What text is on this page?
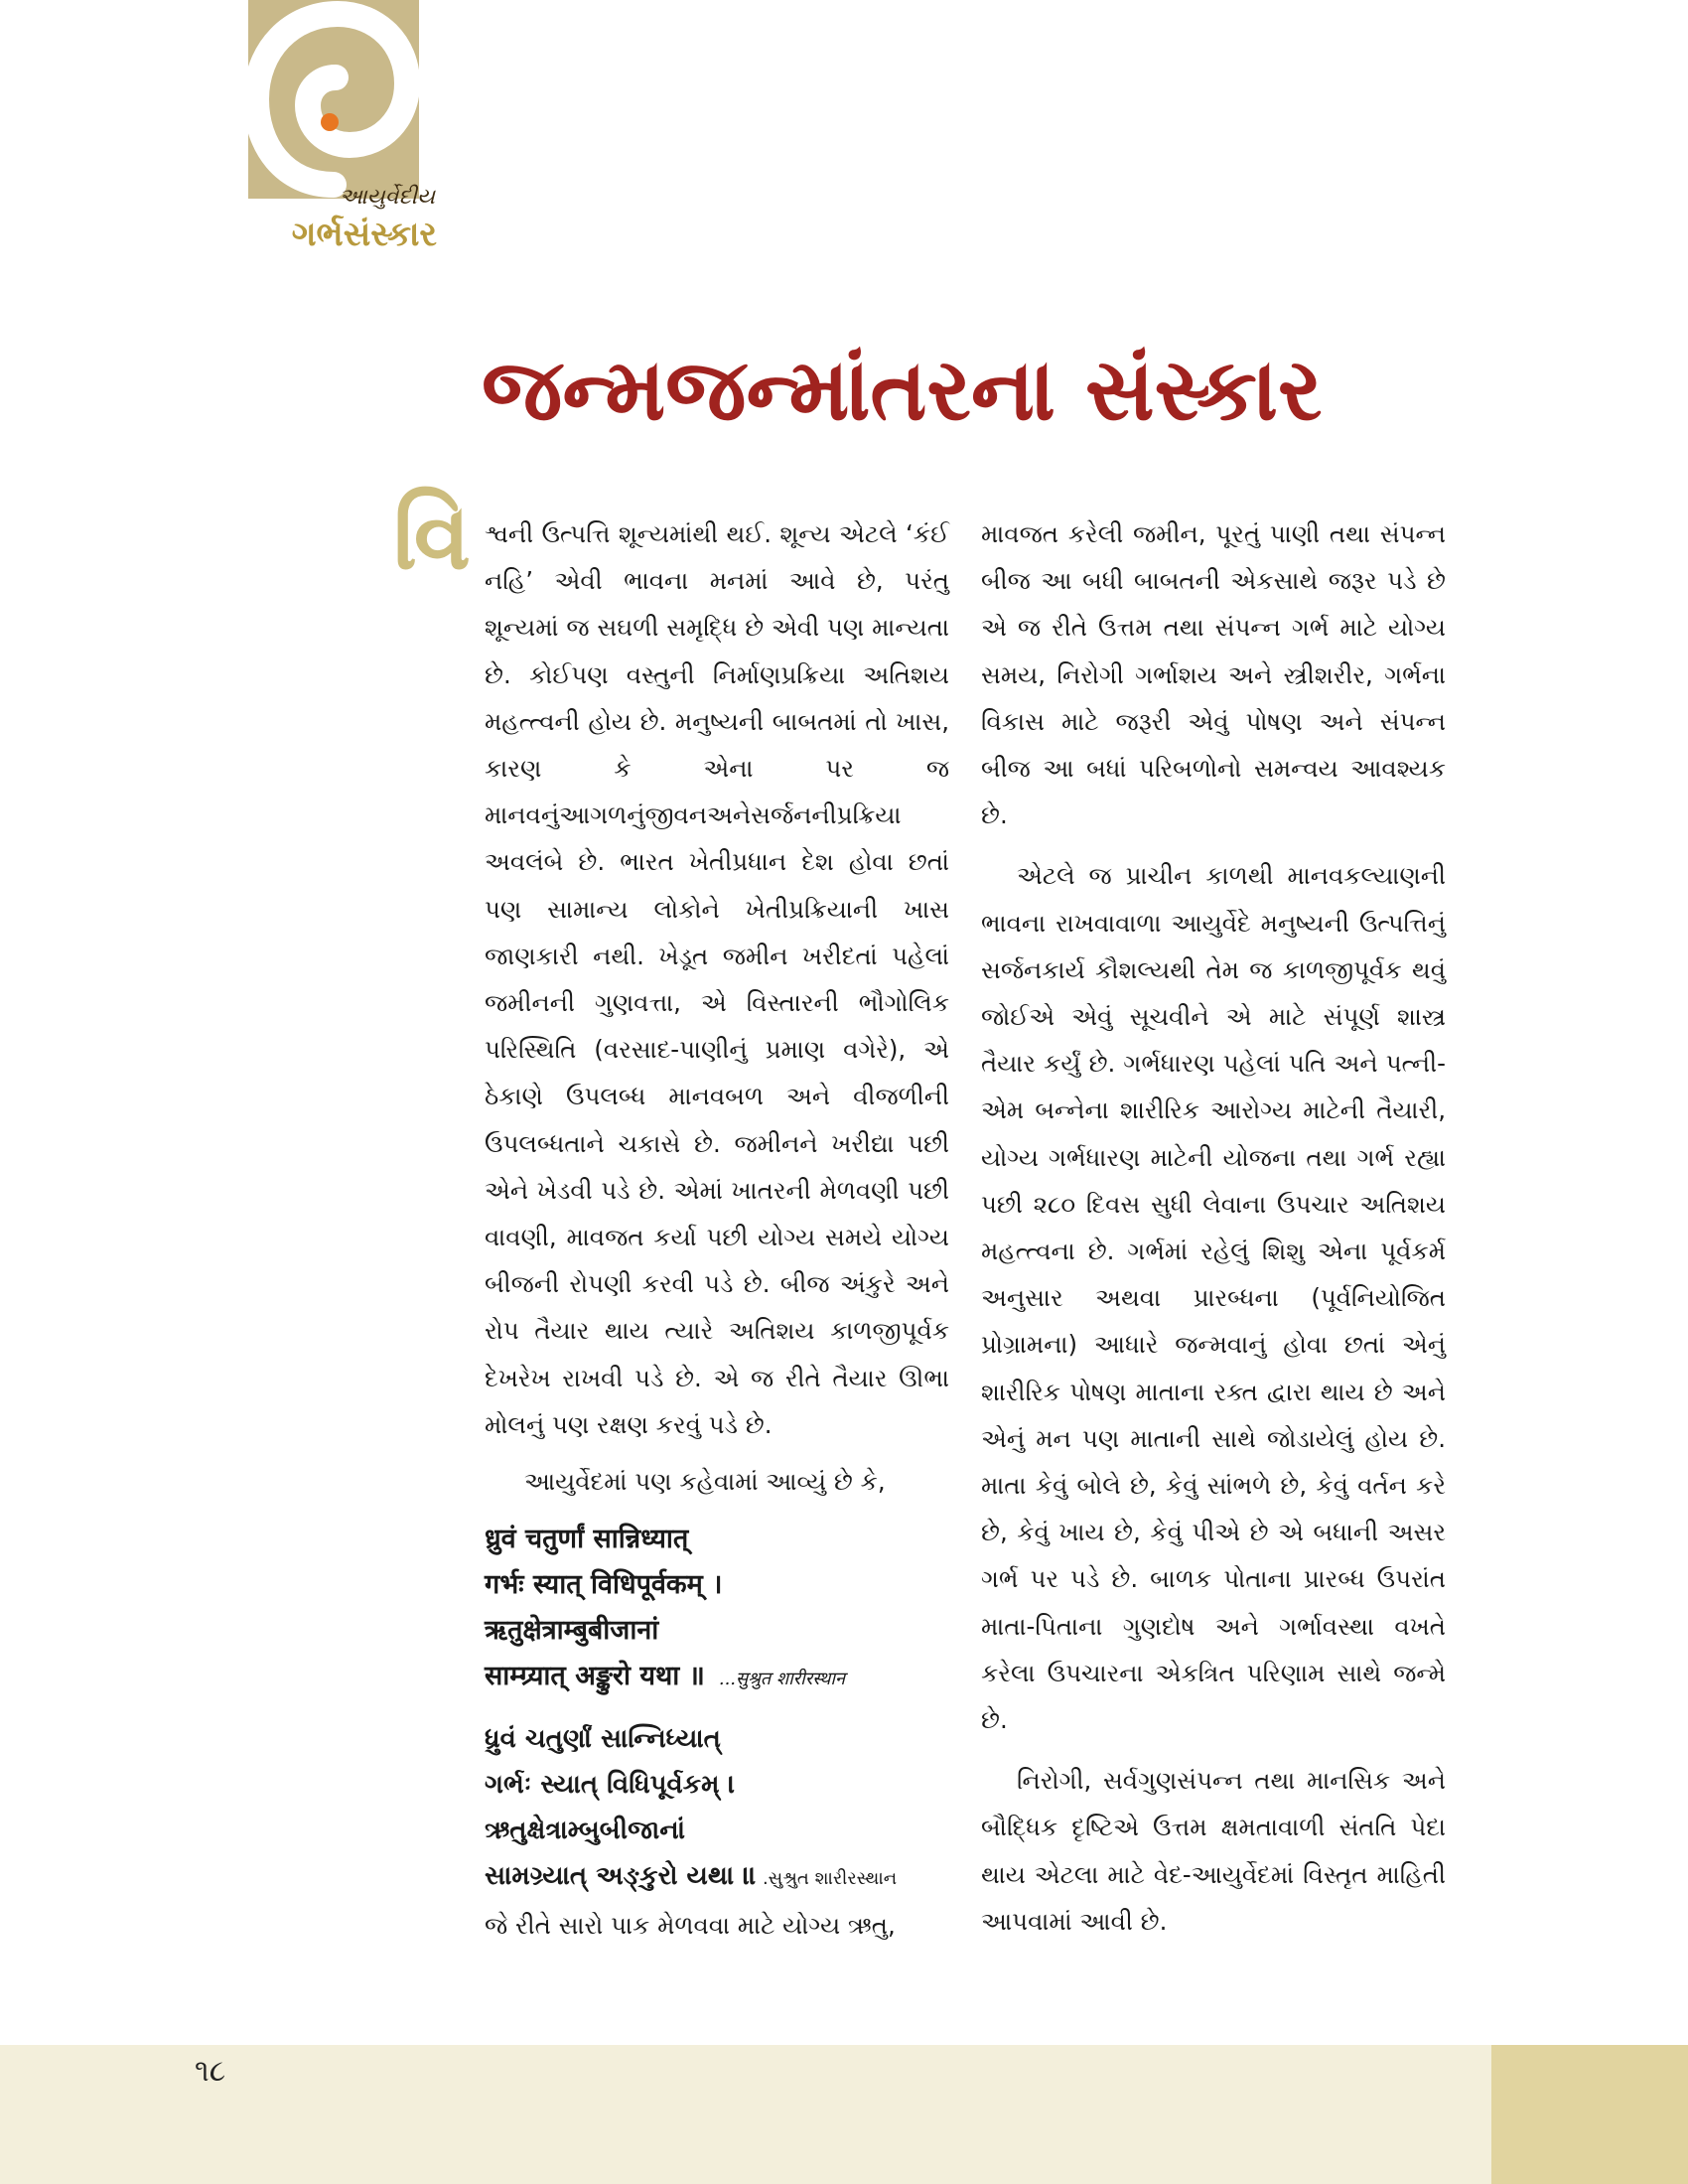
આયુર્વેદીય
ગર્ભસંસ્કાર
જન્મજન્માંતરના સંસ્કાર
વિ શ્વની ઉત્પત્તિ શૂન્યમાંથી થઈ. શૂન્ય એટલે ‘કંઈ નહિ’ એવી ભાવના મનમાં આવે છે, પરંતુ શૂન્યમાં જ સઘળી સમૃદ્ધિ છે એવી પણ માન્યતા છે. કોઈપણ વસ્તુની નિર્માણપ્રક્રિયા અતિશય મહત્ત્વની હોય છે. મનુષ્યની બાબતમાં તો ખાસ, કારણ કે એના પર જ માનવનુંઆગળનુંજીવનઅનેસર્જનનીપ્રક્રિયા અવલંબે છે. ભારત ખેતીપ્રધાન દેશ હોવા છતાં પણ સામાન્ય લોકોને ખેતીપ્રક્રિયાની ખાસ જાણકારી નથી. ખેડૂત જમીન ખરીદતાં પહેલાં જમીનની ગુણવત્તા, એ વિસ્તારની ભૌગોલિક પરિસ્થિતિ (વરસાદ-પાણીનું પ્રમાણ વગેરે), એ ઠેકાણે ઉપલબ્ધ માનવબળ અને વીજળીની ઉપલબ્ધતાને ચકાસે છે. જમીનને ખરીદ્યા પછી એને ખેડવી પડે છે. એમાં ખાતરની મેળવણી પછી વાવણી, માવજત કર્યા પછી યોગ્ય સમયે યોગ્ય બીજની રોપણી કરવી પડે છે. બીજ અંકુરે અને રોપ તૈયાર થાય ત્યારે અતિશય કાળજીપૂર્વક દેખરેખ રાખવી પડે છે. એ જ રીતે તૈયાર ઊભા મોલનું પણ રક્ષણ કરવું પડે છે.

આયુર્વેદમાં પણ કહેવામાં આવ્યું છે કે,

ध्रुवं चतुर्णां सान्निध्यात्
गर्भः स्यात् विधिपूर्वकम् ।
ऋतुक्षेत्राम्बुबीजानां
साम्ग्र्यात् अङ्कुरो यथा ॥ ...सुश्रुत शारीरस्थान
ધ્રુવં ચતુર્ણાં સાન્નિધ્યાત્
ગર્ભઃ સ્યાત્ વિધિપૂર્વકમ્ ।
ઋતુક્ષેત્રામ્બુબીજાનાં
સામગ્ર્યાત્ અઙ્કુરો યથા ॥ .સુશ્રુત શારીરસ્થાન

જે રીતે સારો પાક મેળવવા માટે યોગ્ય ઋતુ,

માવજત કરેલી જમીન, પૂરતું પાણી તથા સંપન્ન બીજ આ બધી બાબતની એકસાથે જરૂર પડે છે એ જ રીતે ઉત્તમ તથા સંપન્ન ગર્ભ માટે યોગ્ય સમય, નિરોગી ગર્ભાશય અને સ્ત્રીશરીર, ગર્ભના વિકાસ માટે જરૂરી એવું પોષણ અને સંપન્ન બીજ આ બધાં પરિબળોનો સમન્વય આવશ્યક છે.

એટલે જ પ્રાચીન કાળથી માનવકલ્યાણની ભાવના રાખવાવાળા આયુર્વેદે મનુષ્યની ઉત્પત્તિનું સર્જનકાર્ય કૌશલ્યથી તેમ જ કાળજીપૂર્વક થવું જોઈએ એવું સૂચવીને એ માટે સંપૂર્ણ શાસ્ત્ર તૈયાર કર્યું છે. ગર્ભધારણ પહેલાં પતિ અને પત્ની-એમ બન્નેના શારીરિક આરોગ્ય માટેની તૈયારી, યોગ્ય ગર્ભધારણ માટેની યોજના તથા ગર્ભ રહ્યા પછી ૨૮૦ દિવસ સુધી લેવાના ઉપચાર અતિશય મહત્ત્વના છે. ગર્ભમાં રહેલું શિશુ એના પૂર્વકર્મ અનુસાર અથવા પ્રારબ્ધના (પૂર્વનિયોજિત પ્રોગ્રામના) આધારે જન્મવાનું હોવા છતાં એનું શારીરિક પોષણ માતાના રક્ત દ્વારા થાય છે અને એનું મન પણ માતાની સાથે જોડાયેલું હોય છે. માતા કેવું બોલે છે, કેવું સાંભળે છે, કેવું વર્તન કરે છે, કેવું ખાય છે, કેવું પીએ છે એ બધાની અસર ગર્ભ પર પડે છે. બાળક પોતાના પ્રારબ્ધ ઉપરાંત માતા-પિતાના ગુણદોષ અને ગર્ભાવસ્થા વખતે કરેલા ઉપચારના એકત્રિત પરિણામ સાથે જન્મે છે.

નિરોગી, સર્વગુણસંપન્ન તથા માનસિક અને બૌદ્ધિક દૃષ્ટિએ ઉત્તમ ક્ષમતાવાળી સંતતિ પેદા થાય એટલા માટે વેદ-આયુર્વેદમાં વિસ્તૃત માહિતી આપવામાં આવી છે.

૧૮
